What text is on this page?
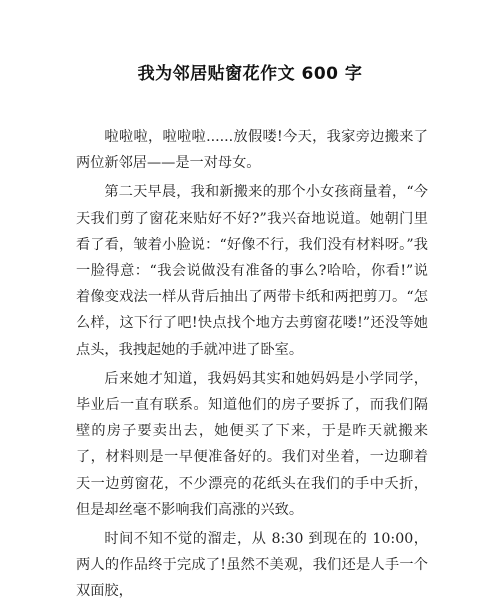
我为邻居贴窗花作文 600 字

啦啦啦，啦啦啦......放假喽!今天，我家旁边搬来了两位新邻居——是一对母女。

第二天早晨，我和新搬来的那个小女孩商量着，“今天我们剪了窗花来贴好不好?”我兴奋地说道。她朝门里看了看，皱着小脸说：“好像不行，我们没有材料呀。”我一脸得意：“我会说做没有准备的事么?哈哈，你看!”说着像变戏法一样从背后抽出了两带卡纸和两把剪刀。“怎么样，这下行了吧!快点找个地方去剪窗花喽!”还没等她点头，我拽起她的手就冲进了卧室。

后来她才知道，我妈妈其实和她妈妈是小学同学，毕业后一直有联系。知道他们的房子要拆了，而我们隔壁的房子要卖出去，她便买了下来，于是昨天就搬来了，材料则是一早便准备好的。我们对坐着，一边聊着天一边剪窗花，不少漂亮的花纸头在我们的手中夭折，但是却丝毫不影响我们高涨的兴致。

时间不知不觉的溜走，从 8:30 到现在的 10:00，两人的作品终于完成了!虽然不美观，我们还是人手一个双面胶，
